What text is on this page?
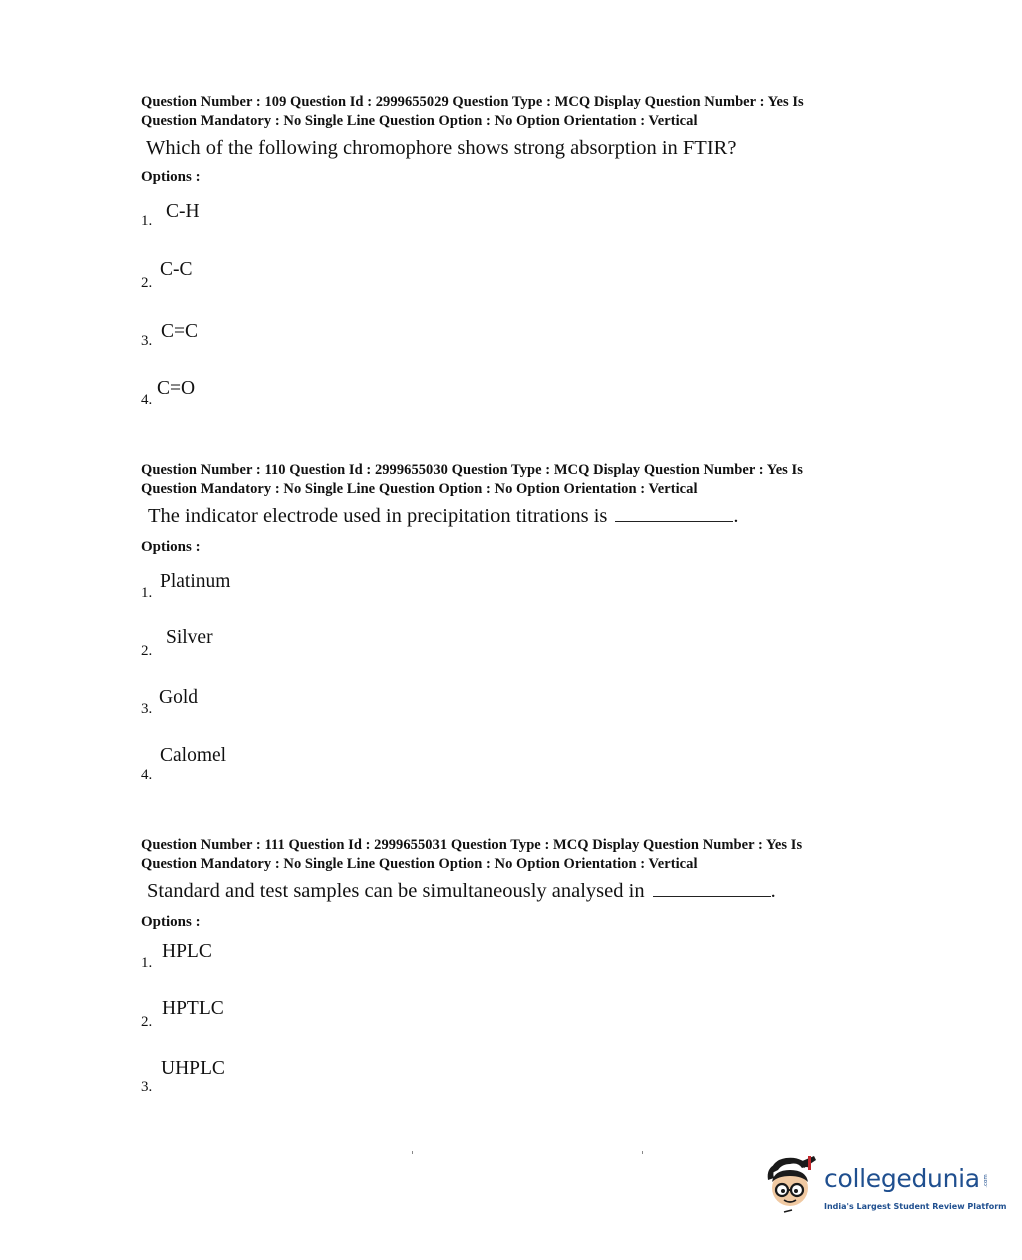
Question Number : 109 Question Id : 2999655029 Question Type : MCQ Display Question Number : Yes Is
Question Mandatory : No Single Line Question Option : No Option Orientation : Vertical
Which of the following chromophore shows strong absorption in FTIR?
Options :
1. C-H
2.
C-C
3. C=C
4.
C=O
Question Number : 110 Question Id : 2999655030 Question Type : MCQ Display Question Number : Yes Is
Question Mandatory : No Single Line Question Option : No Option Orientation : Vertical
The indicator electrode used in precipitation titrations is	.
Options :
1.
Platinum
2.
Silver
3.
Gold
4.
Calomel
Question Number : 111 Question Id : 2999655031 Question Type : MCQ Display Question Number : Yes Is
Question Mandatory : No Single Line Question Option : No Option Orientation : Vertical
Standard and test samples can be simultaneously analysed in	.
Options :
1.
HPLC
2.
HPTLC
3.
UHPLC
collegedunia .com
India's Largest Student Review Platform
